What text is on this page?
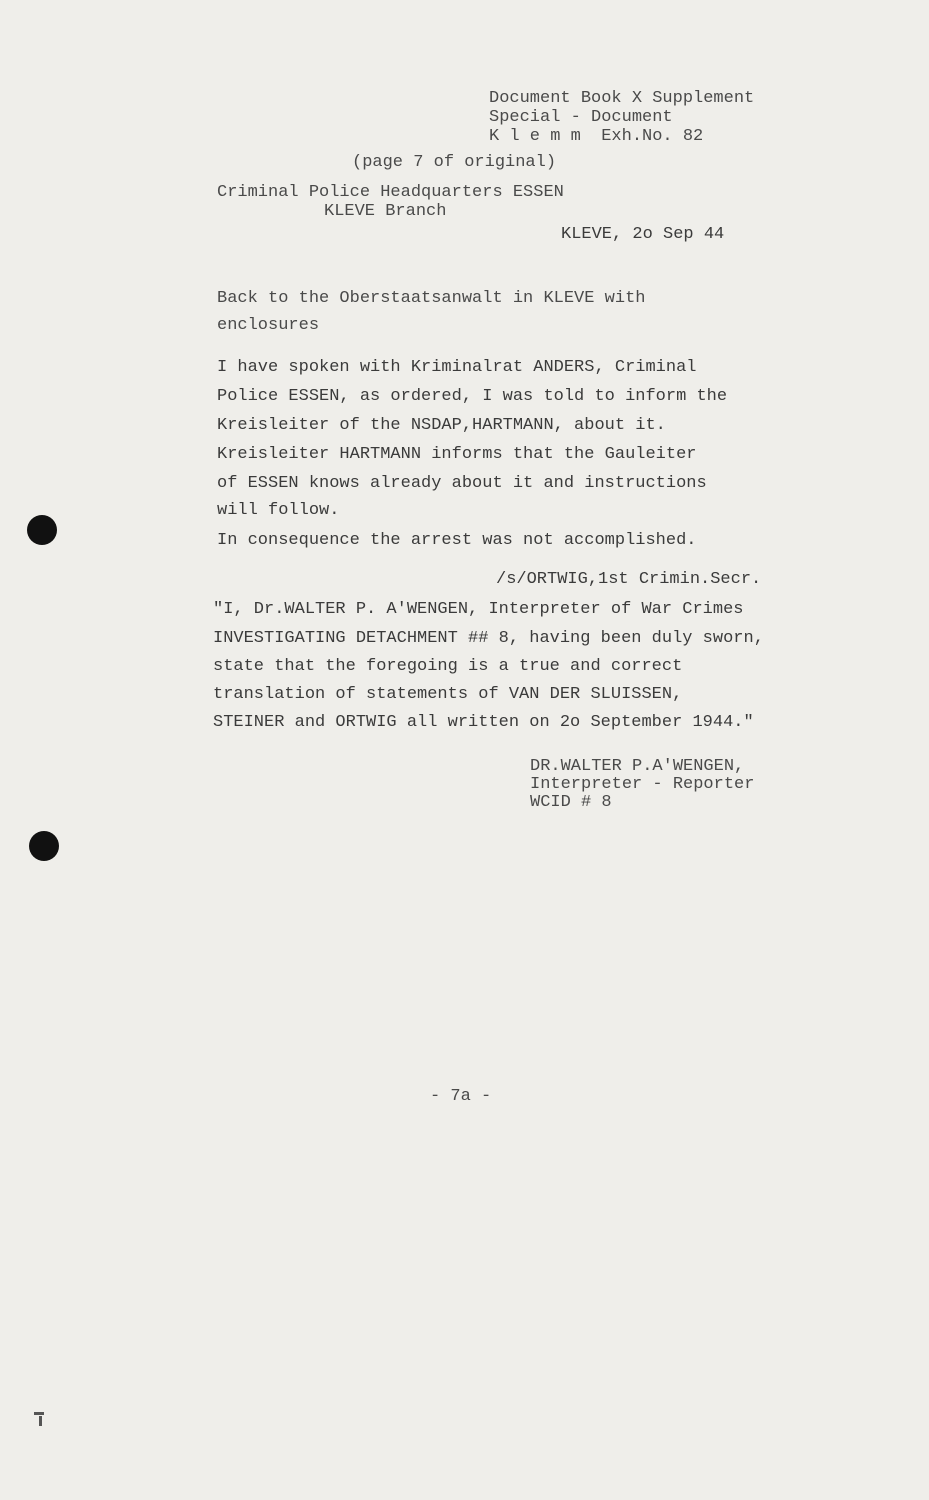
Document Book X Supplement

Special - Document

K l e m m  Exh.No. 82

(page 7 of original)

Criminal Police Headquarters ESSEN

KLEVE Branch

KLEVE, 2o Sep 44

Back to the Oberstaatsanwalt in KLEVE with

enclosures

I have spoken with Kriminalrat ANDERS, Criminal

Police ESSEN, as ordered, I was told to inform the

Kreisleiter of the NSDAP,HARTMANN, about it.

Kreisleiter HARTMANN informs that the Gauleiter

of ESSEN knows already about it and instructions

will follow.

In consequence the arrest was not accomplished.

/s/ORTWIG,1st Crimin.Secr.

"I, Dr.WALTER P. A'WENGEN, Interpreter of War Crimes

INVESTIGATING DETACHMENT ## 8, having been duly sworn,

state that the foregoing is a true and correct

translation of statements of VAN DER SLUISSEN,

STEINER and ORTWIG all written on 2o September 1944."

DR.WALTER P.A'WENGEN,

Interpreter - Reporter

WCID # 8

- 7a -
